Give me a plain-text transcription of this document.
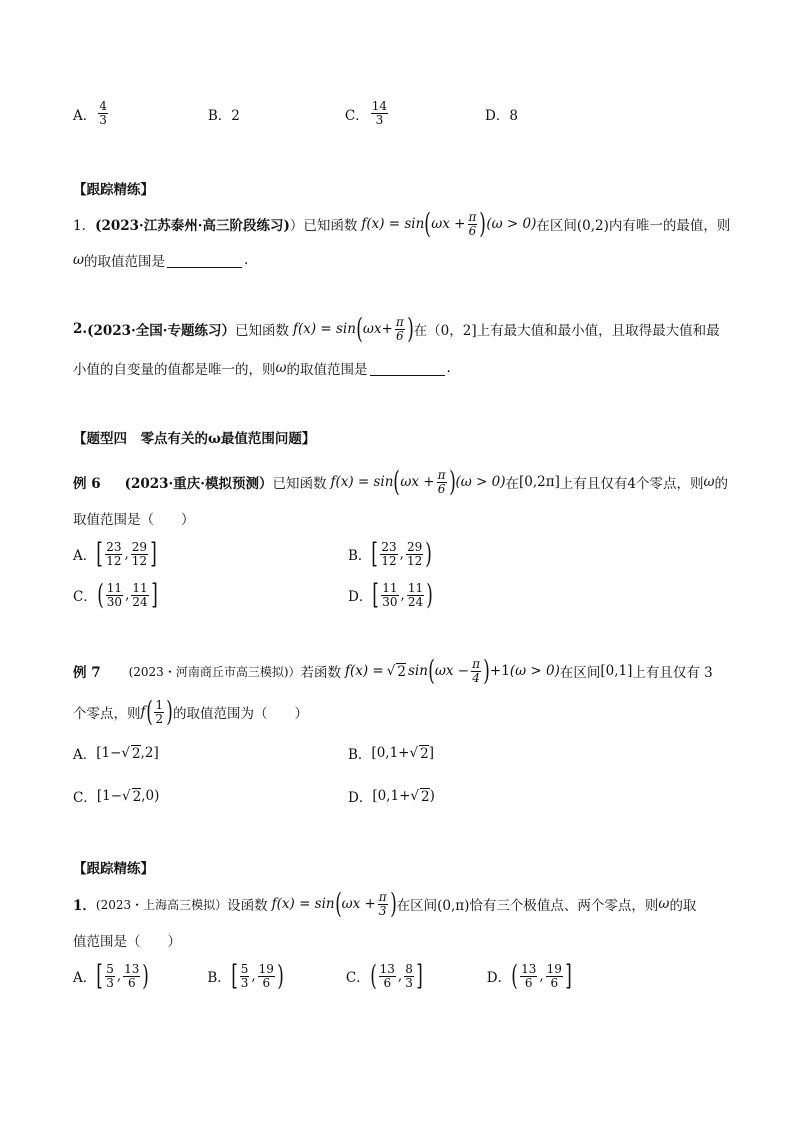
A． $\frac{4}{3}$	B．2	C． $\frac{14}{3}$	D．8
【跟踪精练】
1． (2023·江苏泰州·高三阶段练习) ）已知函数 f(x) = sin ( $\omega x + \frac{\pi}{6}$ ) (ω > 0) 在区间(0,2)内有唯一的最值，则
ω 的取值范围是	.
2. (2023·全国·专题练习） 已知函数 f(x) = sin ( $\omega x+ \frac{\pi}{6}$ ) 在（0，2]上有最大值和最小值，且取得最大值和最
小值的自变量的值都是唯一的，则 ω 的取值范围是	.
【题型四　零点有关的ω最值范围问题】
例 6 (2023·重庆·模拟预测） 已知函数 f(x) = sin ( $\omega x + \frac{\pi}{6}$ ) (ω > 0) 在 [0,2π] 上有且仅有4个零点，则 ω 的
取值范围是（　　）
A． [ $\frac{23}{12}$ , $\frac{29}{12}$ ]	B． [ $\frac{23}{12}$ , $\frac{29}{12}$ )
C． ( $\frac{11}{30}$ , $\frac{11}{24}$ ]	D． [ $\frac{11}{30}$ , $\frac{11}{24}$ )
例 7 (2023・河南商丘市高三模拟)） 若函数 f(x) = √ 2 sin ( $\omega x - \frac{\pi}{4}$ ) +1 (ω > 0) 在区间 [0,1] 上有且仅有 3
个零点，则 f ( $\frac{1}{2}$ ) 的取值范围为（　　）
A． [1− √ 2 ,2]	B． [0,1+ √ 2 ]
C． [1− √ 2 ,0)	D． [0,1+ √ 2 )
【跟踪精练】
1． (2023・上海高三模拟） 设函数 f(x) = sin ( $\omega x + \frac{\pi}{3}$ ) 在区间(0,π)恰有三个极值点、两个零点，则 ω 的取
值范围是（　　）
A． [ $\frac{5}{3}$ , $\frac{13}{6}$ )	B． [ $\frac{5}{3}$ , $\frac{19}{6}$ )	C． ( $\frac{13}{6}$ , $\frac{8}{3}$ ]	D． ( $\frac{13}{6}$ , $\frac{19}{6}$ ]
